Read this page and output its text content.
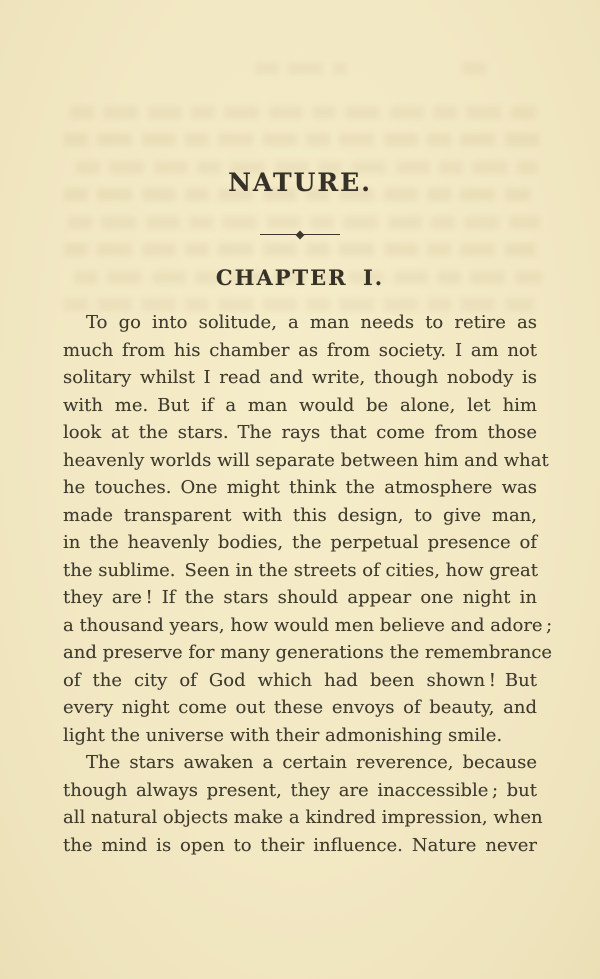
NATURE.
CHAPTER I.
To go into solitude, a man needs to retire as
much from his chamber as from society. I am not
solitary whilst I read and write, though nobody is
with me. But if a man would be alone, let him
look at the stars. The rays that come from those
heavenly worlds will separate between him and what
he touches. One might think the atmosphere was
made transparent with this design, to give man,
in the heavenly bodies, the perpetual presence of
the sublime. Seen in the streets of cities, how great
they are ! If the stars should appear one night in
a thousand years, how would men believe and adore ;
and preserve for many generations the remembrance
of the city of God which had been shown ! But
every night come out these envoys of beauty, and
light the universe with their admonishing smile.
The stars awaken a certain reverence, because
though always present, they are inaccessible ; but
all natural objects make a kindred impression, when
the mind is open to their influence. Nature never
